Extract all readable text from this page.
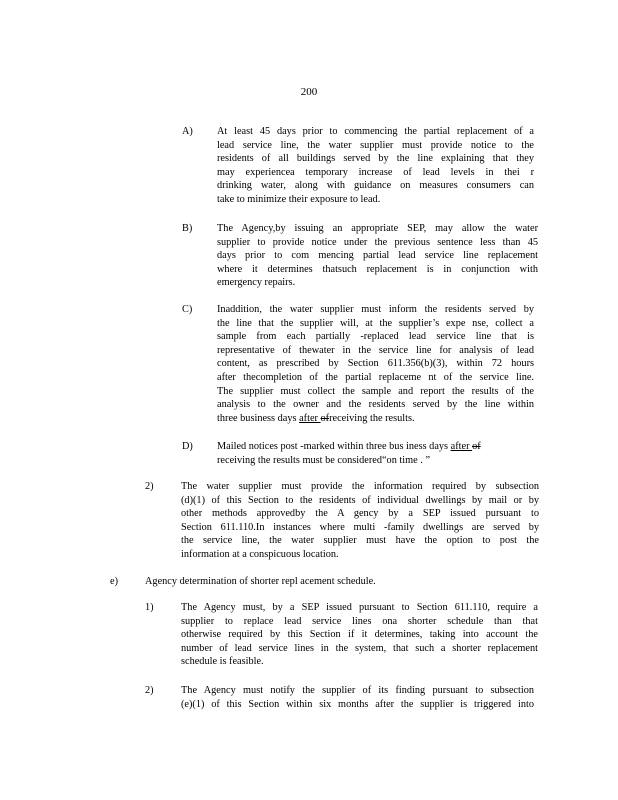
200
A) At least 45 days prior to commencing the partial replacement of a
lead service line, the water supplier must provide notice to the
residents of all buildings served by the line explaining that they
may experiencea temporary increase of lead levels in thei r
drinking water, along with guidance on measures consumers can
take to minimize their exposure to lead.
B) The Agency,by issuing an appropriate SEP, may allow the water
supplier to provide notice under the previous sentence less than 45
days prior to com mencing partial lead service line replacement
where it determines thatsuch replacement is in conjunction with
emergency repairs.
C) Inaddition, the water supplier must inform the residents served by
the line that the supplier will, at the supplier’s expe nse, collect a
sample from each partially -replaced lead service line that is
representative of thewater in the service line for analysis of lead
content, as prescribed by Section 611.356(b)(3), within 72 hours
after thecompletion of the partial replaceme nt of the service line.
The supplier must collect the sample and report the results of the
analysis to the owner and the residents served by the line within
three business days after ofreceiving the results.
D) Mailed notices post -marked within three bus iness days after of
receiving the results must be considered“on time . ”
2)	The water supplier must provide the information required by subsection
(d)(1) of this Section to the residents of individual dwellings by mail or by
other methods approvedby the A gency by a SEP issued pursuant to
Section 611.110.In instances where multi -family dwellings are served by
the service line, the water supplier must have the option to post the
information at a conspicuous location.
e)	Agency determination of shorter repl acement schedule.
1)	The Agency must, by a SEP issued pursuant to Section 611.110, require a
supplier to replace lead service lines ona shorter schedule than that
otherwise required by this Section if it determines, taking into account the
number of lead service lines in the system, that such a shorter replacement
schedule is feasible.
2)	The Agency must notify the supplier of its finding pursuant to subsection
(e)(1) of this Section within six months after the supplier is triggered into
